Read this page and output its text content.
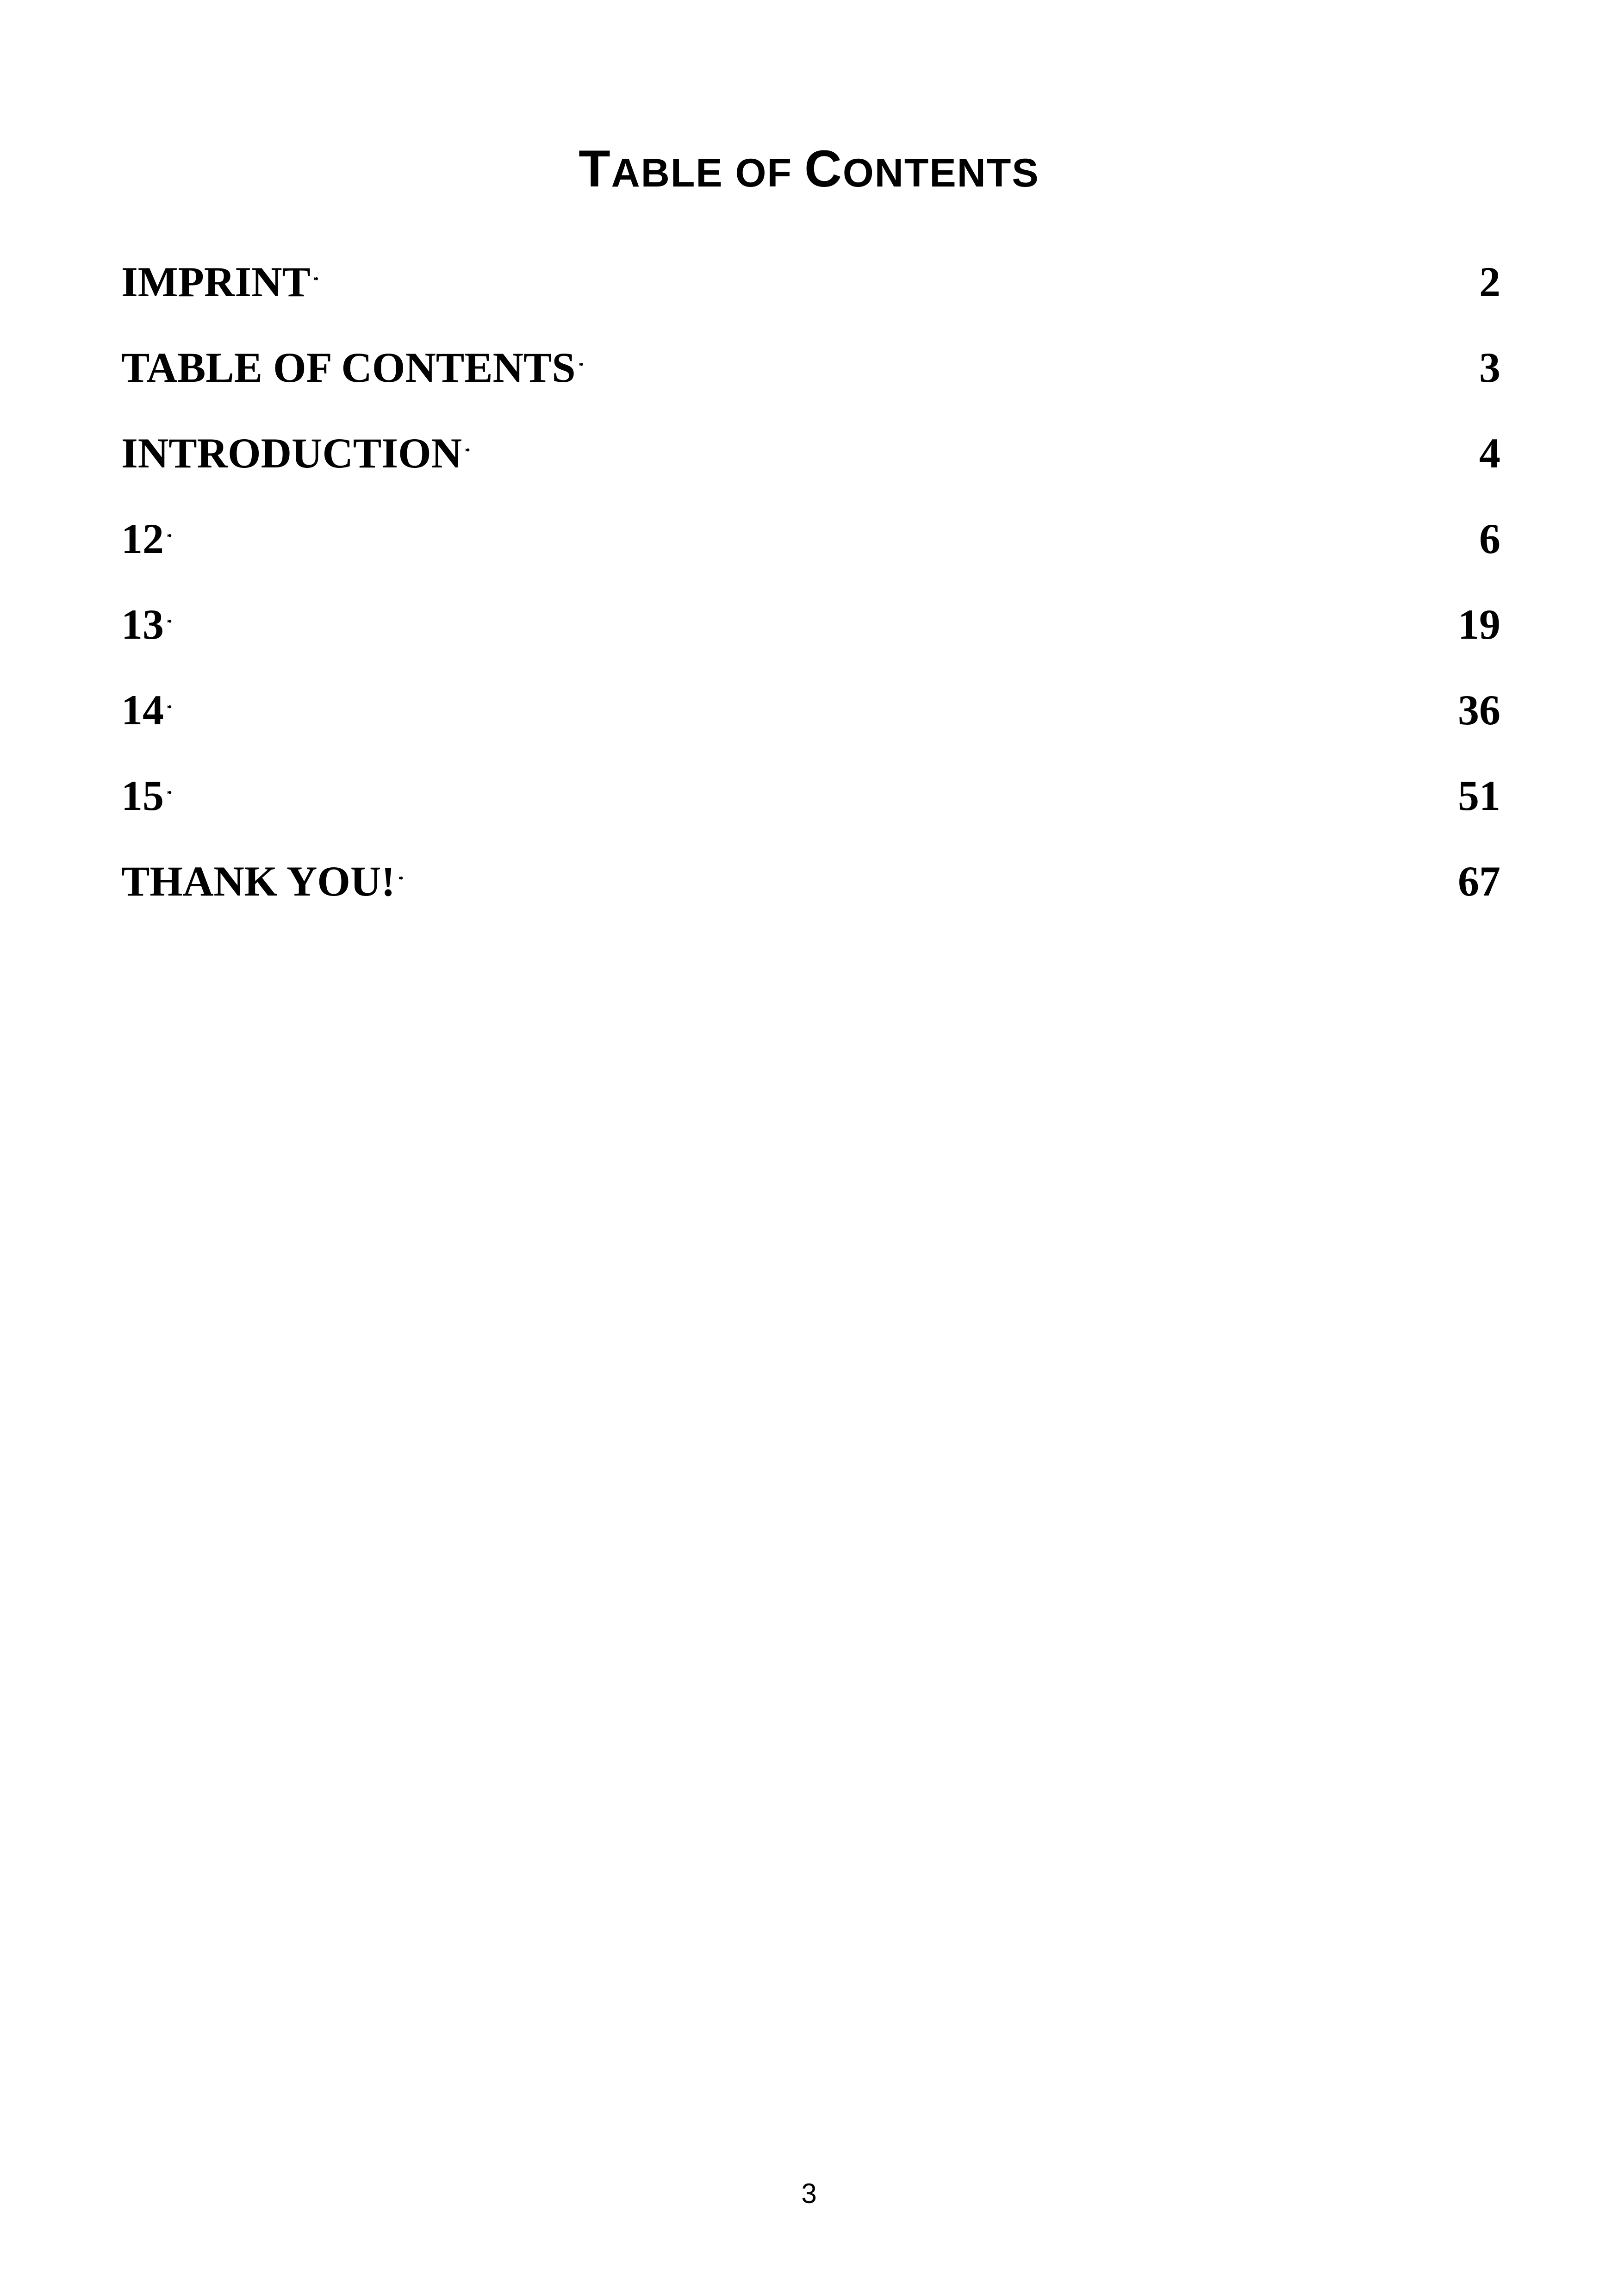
TABLE OF CONTENTS
IMPRINT . . .	2
TABLE OF CONTENTS . . .	3
INTRODUCTION . . .	4
12 . . .	6
13 . . .	19
14 . . .	36
15 . . .	51
THANK YOU! . . .	67
3
